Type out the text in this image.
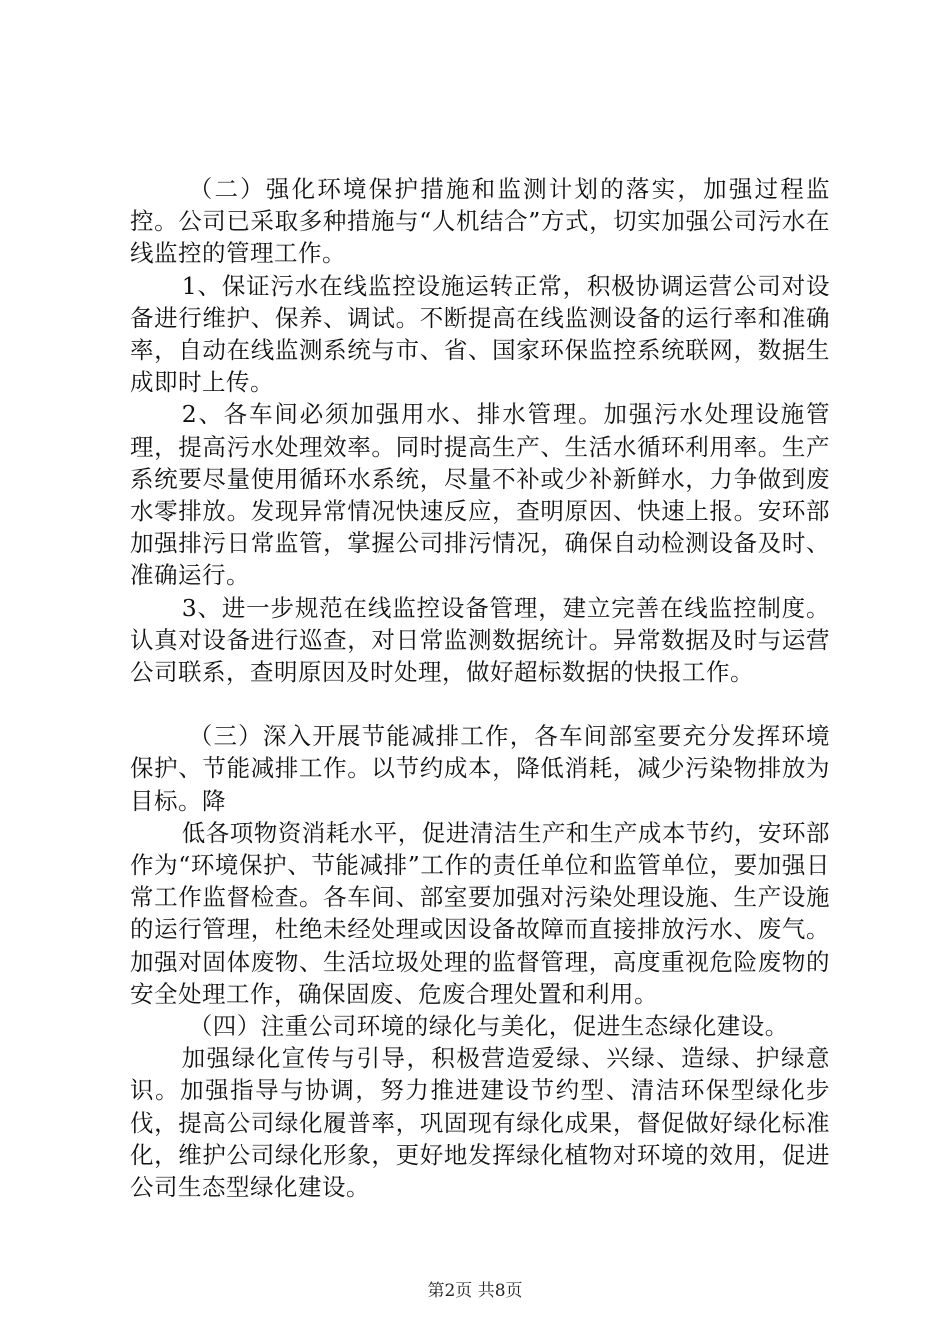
（二）强化环境保护措施和监测计划的落实，加强过程监控。公司已采取多种措施与“人机结合”方式，切实加强公司污水在线监控的管理工作。

1、保证污水在线监控设施运转正常，积极协调运营公司对设备进行维护、保养、调试。不断提高在线监测设备的运行率和准确率，自动在线监测系统与市、省、国家环保监控系统联网，数据生成即时上传。

2、各车间必须加强用水、排水管理。加强污水处理设施管理，提高污水处理效率。同时提高生产、生活水循环利用率。生产系统要尽量使用循环水系统，尽量不补或少补新鲜水，力争做到废水零排放。发现异常情况快速反应，查明原因、快速上报。安环部加强排污日常监管，掌握公司排污情况，确保自动检测设备及时、准确运行。

3、进一步规范在线监控设备管理，建立完善在线监控制度。认真对设备进行巡查，对日常监测数据统计。异常数据及时与运营公司联系，查明原因及时处理，做好超标数据的快报工作。

（三）深入开展节能减排工作，各车间部室要充分发挥环境保护、节能减排工作。以节约成本，降低消耗，减少污染物排放为目标。降

低各项物资消耗水平，促进清洁生产和生产成本节约，安环部作为“环境保护、节能减排”工作的责任单位和监管单位，要加强日常工作监督检查。各车间、部室要加强对污染处理设施、生产设施的运行管理，杜绝未经处理或因设备故障而直接排放污水、废气。加强对固体废物、生活垃圾处理的监督管理，高度重视危险废物的安全处理工作，确保固废、危废合理处置和利用。

（四）注重公司环境的绿化与美化，促进生态绿化建设。

加强绿化宣传与引导，积极营造爱绿、兴绿、造绿、护绿意识。加强指导与协调，努力推进建设节约型、清洁环保型绿化步伐，提高公司绿化履普率，巩固现有绿化成果，督促做好绿化标准化，维护公司绿化形象，更好地发挥绿化植物对环境的效用，促进公司生态型绿化建设。

第2页 共8页
